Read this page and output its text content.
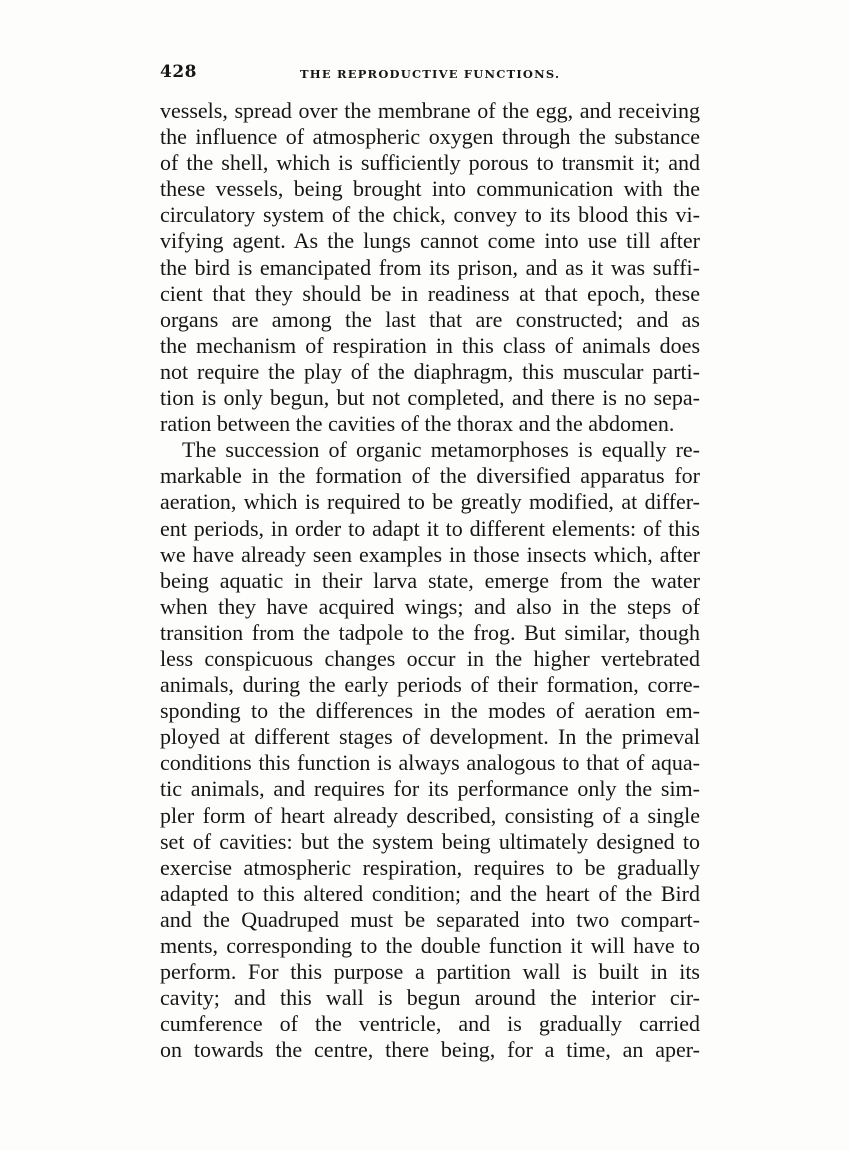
428	THE REPRODUCTIVE FUNCTIONS.
vessels, spread over the membrane of the egg, and receiving
the influence of atmospheric oxygen through the substance
of the shell, which is sufficiently porous to transmit it; and
these vessels, being brought into communication with the
circulatory system of the chick, convey to its blood this vi-
vifying agent. As the lungs cannot come into use till after
the bird is emancipated from its prison, and as it was suffi-
cient that they should be in readiness at that epoch, these
organs are among the last that are constructed; and as
the mechanism of respiration in this class of animals does
not require the play of the diaphragm, this muscular parti-
tion is only begun, but not completed, and there is no sepa-
ration between the cavities of the thorax and the abdomen.
The succession of organic metamorphoses is equally re-
markable in the formation of the diversified apparatus for
aeration, which is required to be greatly modified, at differ-
ent periods, in order to adapt it to different elements: of this
we have already seen examples in those insects which, after
being aquatic in their larva state, emerge from the water
when they have acquired wings; and also in the steps of
transition from the tadpole to the frog. But similar, though
less conspicuous changes occur in the higher vertebrated
animals, during the early periods of their formation, corre-
sponding to the differences in the modes of aeration em-
ployed at different stages of development. In the primeval
conditions this function is always analogous to that of aqua-
tic animals, and requires for its performance only the sim-
pler form of heart already described, consisting of a single
set of cavities: but the system being ultimately designed to
exercise atmospheric respiration, requires to be gradually
adapted to this altered condition; and the heart of the Bird
and the Quadruped must be separated into two compart-
ments, corresponding to the double function it will have to
perform. For this purpose a partition wall is built in its
cavity; and this wall is begun around the interior cir-
cumference of the ventricle, and is gradually carried
on towards the centre, there being, for a time, an aper-
